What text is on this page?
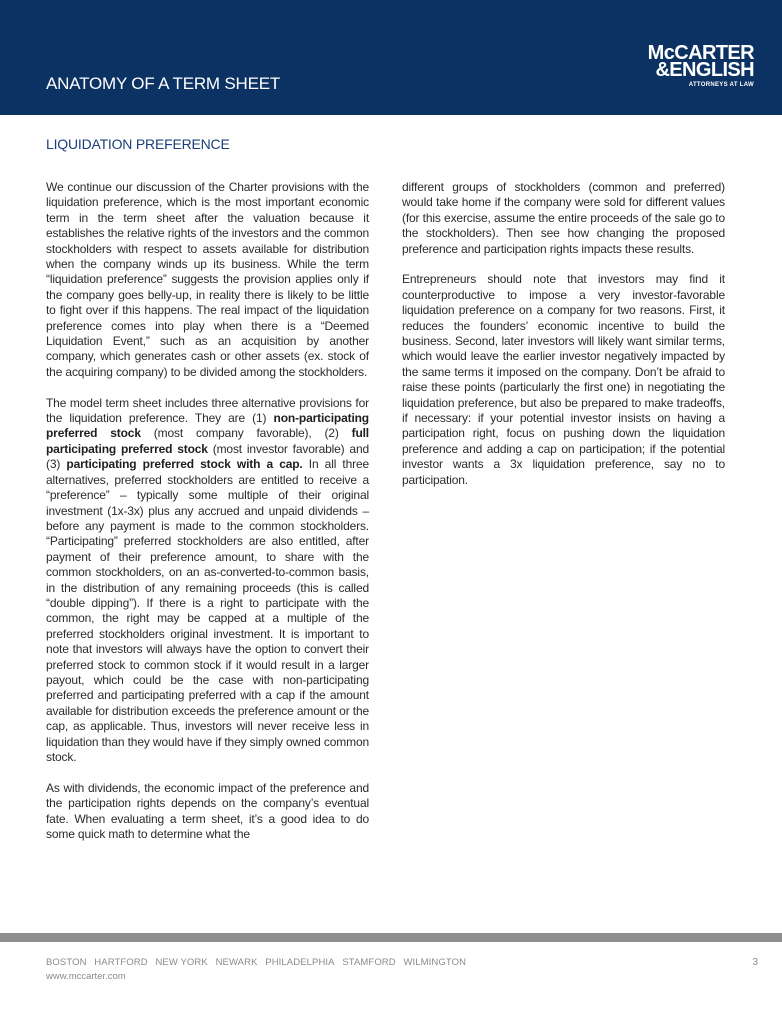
ANATOMY OF A TERM SHEET
McCARTER
&ENGLISH
ATTORNEYS AT LAW
LIQUIDATION PREFERENCE

We continue our discussion of the Charter provisions with the liquidation preference, which is the most important economic term in the term sheet after the valuation because it establishes the relative rights of the investors and the common stockholders with respect to assets available for distribution when the company winds up its business. While the term “liquidation preference” suggests the provision applies only if the company goes belly-up, in reality there is likely to be little to fight over if this happens. The real impact of the liquidation preference comes into play when there is a “Deemed Liquidation Event,” such as an acquisition by another company, which generates cash or other assets (ex. stock of the acquiring company) to be divided among the stockholders.

The model term sheet includes three alternative provisions for the liquidation preference. They are (1) non-participating preferred stock (most company favorable), (2) full participating preferred stock (most investor favorable) and (3) participating preferred stock with a cap. In all three alternatives, preferred stockholders are entitled to receive a “preference” – typically some multiple of their original investment (1x-3x) plus any accrued and unpaid dividends – before any payment is made to the common stockholders. “Participating” preferred stockholders are also entitled, after payment of their preference amount, to share with the common stockholders, on an as-converted-to-common basis, in the distribution of any remaining proceeds (this is called “double dipping”). If there is a right to participate with the common, the right may be capped at a multiple of the preferred stockholders original investment. It is important to note that investors will always have the option to convert their preferred stock to common stock if it would result in a larger payout, which could be the case with non-participating preferred and participating preferred with a cap if the amount available for distribution exceeds the preference amount or the cap, as applicable. Thus, investors will never receive less in liquidation than they would have if they simply owned common stock.

As with dividends, the economic impact of the preference and the participation rights depends on the company’s eventual fate. When evaluating a term sheet, it’s a good idea to do some quick math to determine what the

different groups of stockholders (common and preferred) would take home if the company were sold for different values (for this exercise, assume the entire proceeds of the sale go to the stockholders). Then see how changing the proposed preference and participation rights impacts these results.

Entrepreneurs should note that investors may find it counterproductive to impose a very investor-favorable liquidation preference on a company for two reasons. First, it reduces the founders’ economic incentive to build the business. Second, later investors will likely want similar terms, which would leave the earlier investor negatively impacted by the same terms it imposed on the company. Don’t be afraid to raise these points (particularly the first one) in negotiating the liquidation preference, but also be prepared to make tradeoffs, if necessary: if your potential investor insists on having a participation right, focus on pushing down the liquidation preference and adding a cap on participation; if the potential investor wants a 3x liquidation preference, say no to participation.

BOSTON HARTFORD NEW YORK NEWARK PHILADELPHIA STAMFORD WILMINGTON
www.mccarter.com
3
